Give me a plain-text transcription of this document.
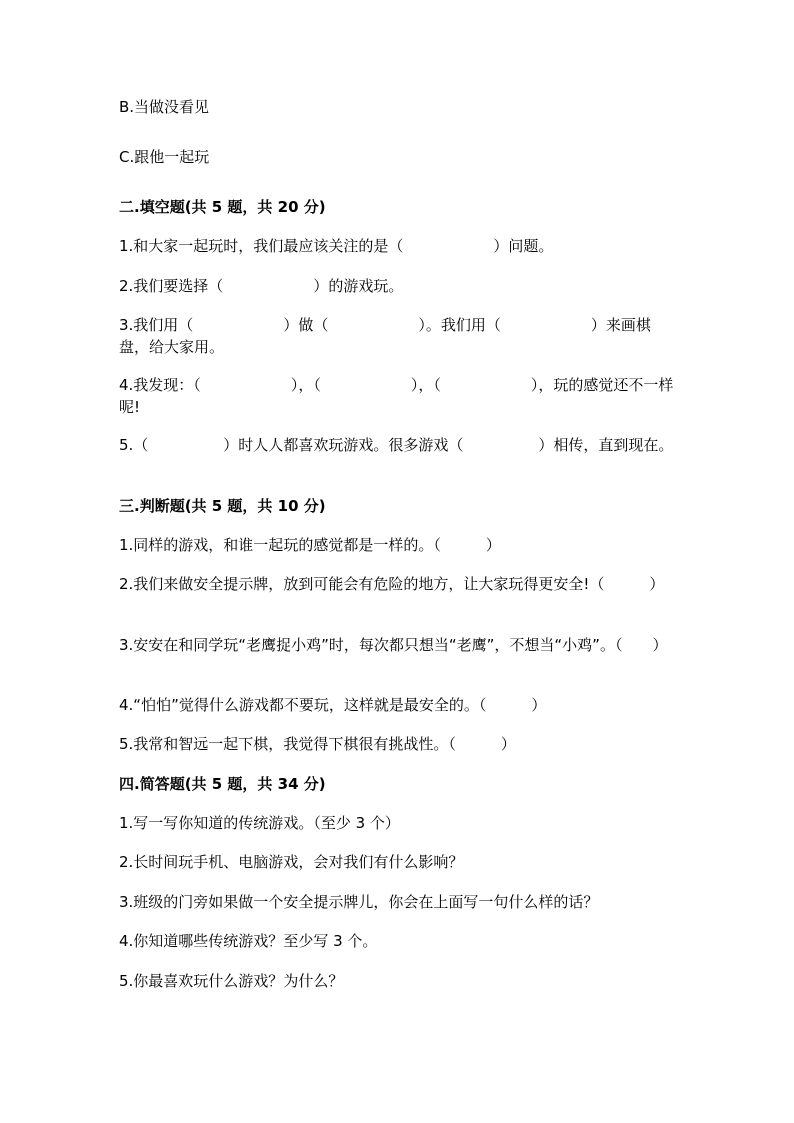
B.当做没看见

C.跟他一起玩

二.填空题(共 5 题，共 20 分)

1.和大家一起玩时，我们最应该关注的是（　　　　　　）问题。

2.我们要选择（　　　　　　）的游戏玩。

3.我们用（　　　　　　）做（　　　　　　）。我们用（　　　　　　）来画棋盘，给大家用。

4.我发现：（　　　　　　），（　　　　　　），（　　　　　　），玩的感觉还不一样呢!

5.（　　　　　）时人人都喜欢玩游戏。很多游戏（　　　　　）相传，直到现在。

三.判断题(共 5 题，共 10 分)

1.同样的游戏，和谁一起玩的感觉都是一样的。（　　　）

2.我们来做安全提示牌，放到可能会有危险的地方，让大家玩得更安全!（　　　）

3.安安在和同学玩“老鹰捉小鸡”时，每次都只想当“老鹰”，不想当“小鸡”。（　　）

4.“怕怕”觉得什么游戏都不要玩，这样就是最安全的。（　　　）

5.我常和智远一起下棋，我觉得下棋很有挑战性。（　　　）

四.简答题(共 5 题，共 34 分)

1.写一写你知道的传统游戏。（至少 3 个）

2.长时间玩手机、电脑游戏，会对我们有什么影响？

3.班级的门旁如果做一个安全提示牌儿，你会在上面写一句什么样的话？

4.你知道哪些传统游戏？至少写 3 个。

5.你最喜欢玩什么游戏？为什么？
